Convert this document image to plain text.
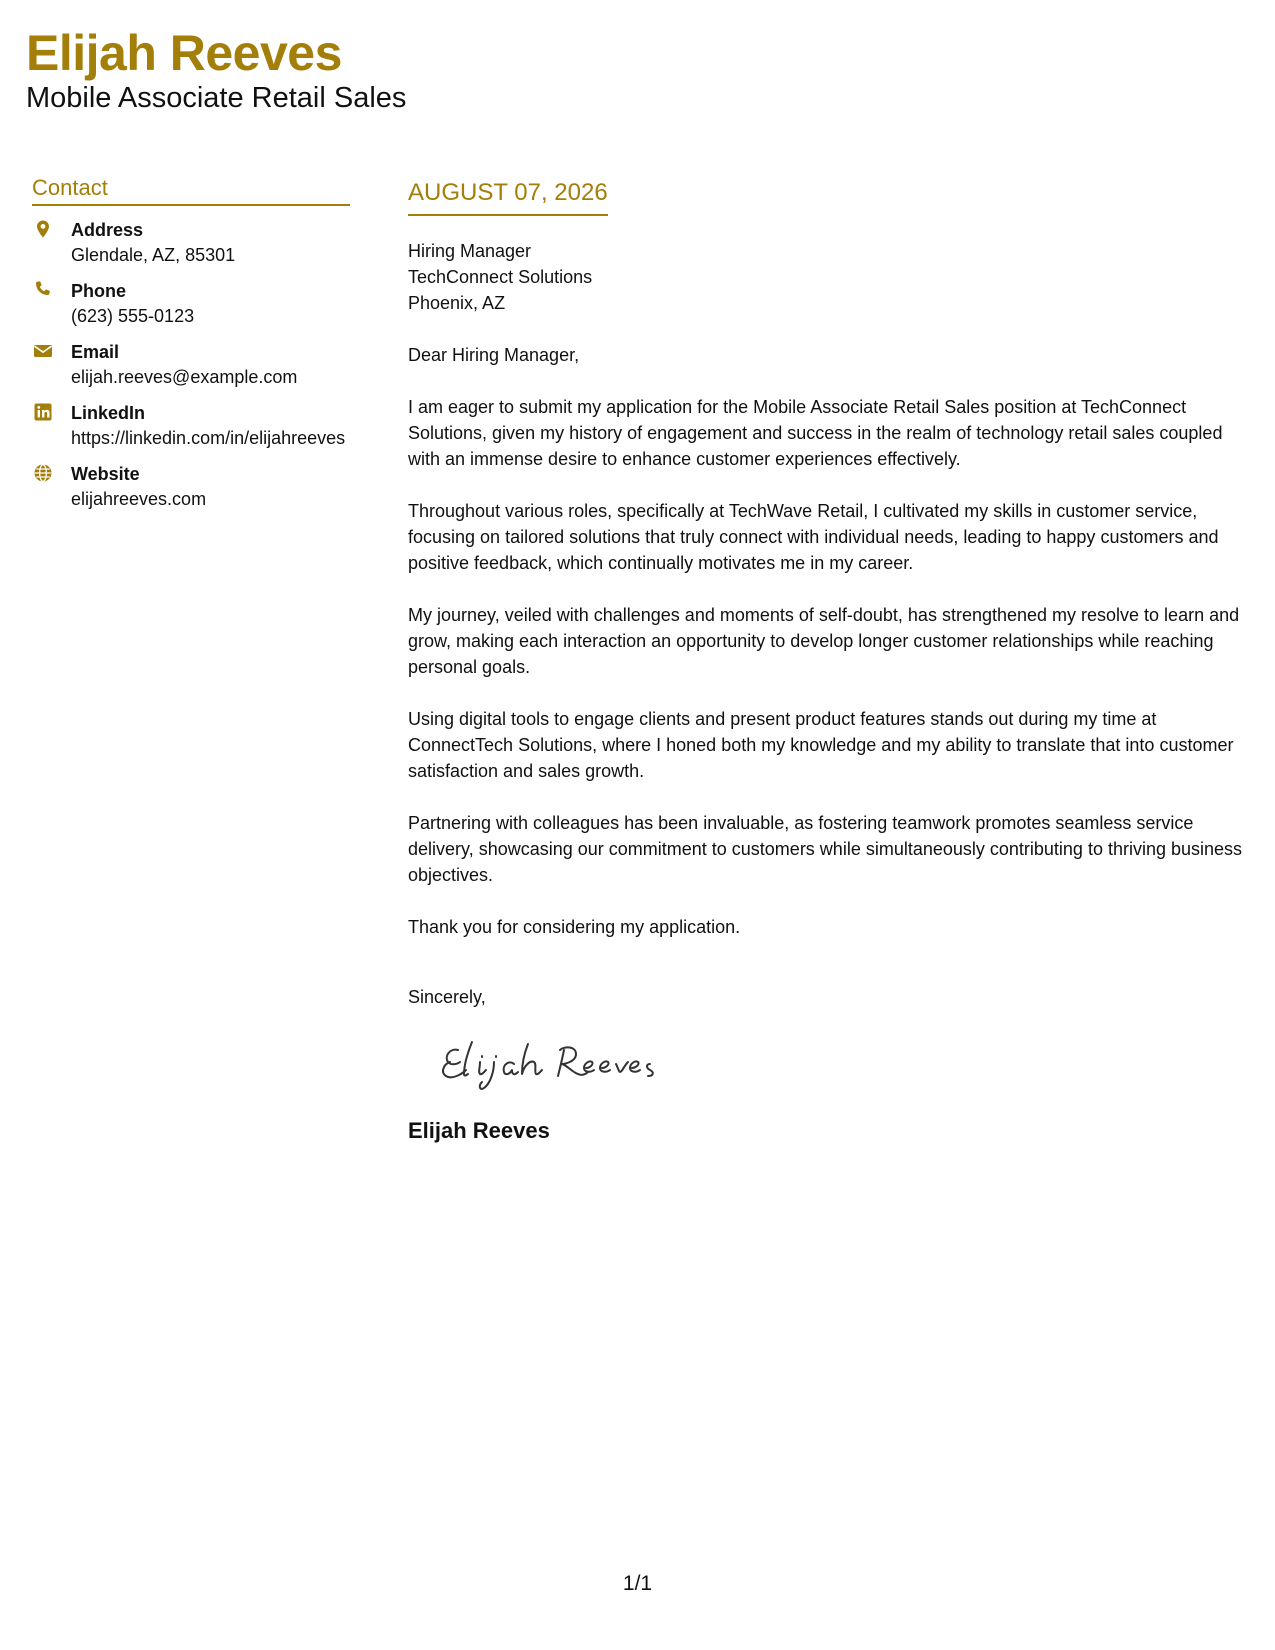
Elijah Reeves
Mobile Associate Retail Sales
Contact
Address
Glendale, AZ, 85301
Phone
(623) 555-0123
Email
elijah.reeves@example.com
LinkedIn
https://linkedin.com/in/elijahreeves
Website
elijahreeves.com
AUGUST 07, 2026
Hiring Manager
TechConnect Solutions
Phoenix, AZ
Dear Hiring Manager,
I am eager to submit my application for the Mobile Associate Retail Sales position at TechConnect Solutions, given my history of engagement and success in the realm of technology retail sales coupled with an immense desire to enhance customer experiences effectively.
Throughout various roles, specifically at TechWave Retail, I cultivated my skills in customer service, focusing on tailored solutions that truly connect with individual needs, leading to happy customers and positive feedback, which continually motivates me in my career.
My journey, veiled with challenges and moments of self-doubt, has strengthened my resolve to learn and grow, making each interaction an opportunity to develop longer customer relationships while reaching personal goals.
Using digital tools to engage clients and present product features stands out during my time at ConnectTech Solutions, where I honed both my knowledge and my ability to translate that into customer satisfaction and sales growth.
Partnering with colleagues has been invaluable, as fostering teamwork promotes seamless service delivery, showcasing our commitment to customers while simultaneously contributing to thriving business objectives.
Thank you for considering my application.
Sincerely,
Elijah Reeves
1/1
